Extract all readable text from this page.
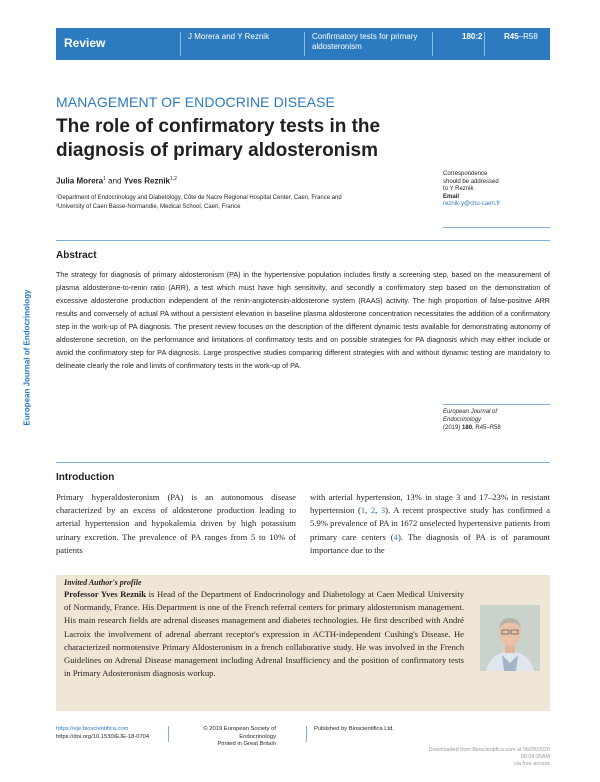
Review	J Morera and Y Reznik	Confirmatory tests for primary
aldosteronism
180:2	R45–R58
European Journal of Endocrinology
MANAGEMENT OF ENDOCRINE DISEASE
The role of confirmatory tests in the
diagnosis of primary aldosteronism
Julia Morera$^1$ and Yves Reznik$^{1,2}$
¹Department of Endocrinology and Diabetology, Côte de Nacre Regional Hospital Center, Caen, France and
²University of Caen Basse-Normandie, Medical School, Caen, France
Correspondence
should be addressed
to Y Reznik
Email
reznik-y@chu-caen.fr
Abstract
The strategy for diagnosis of primary aldosteronism (PA) in the hypertensive population includes firstly a screening step, based on the measurement of plasma aldosterone-to-renin ratio (ARR), a test which must have high sensitivity, and secondly a confirmatory step based on the demonstration of excessive aldosterone production independent of the renin-angiotensin-aldosterone system (RAAS) activity. The high proportion of false-positive ARR results and conversely of actual PA without a persistent elevation in baseline plasma aldosterone concentration necessitates the addition of a confirmatory step in the work-up of PA diagnosis. The present review focuses on the description of the different dynamic tests available for demonstrating autonomy of aldosterone secretion, on the performance and limitations of confirmatory tests and on possible strategies for PA diagnosis which may either include or avoid the confirmatory step for PA diagnosis. Large prospective studies comparing different strategies with and without dynamic testing are mandatory to delineate clearly the role and limits of confirmatory tests in the work-up of PA.
European Journal of
Endocrinology
(2019) 180, R45–R58
Introduction
Primary hyperaldosteronism (PA) is an autonomous disease characterized by an excess of aldosterone production leading to arterial hypertension and hypokalemia driven by high potassium urinary excretion. The prevalence of PA ranges from 5 to 10% of patients
with arterial hypertension, 13% in stage 3 and 17–23% in resistant hypertension (1, 2, 3). A recent prospective study has confirmed a 5.9% prevalence of PA in 1672 unselected hypertensive patients from primary care centers (4). The diagnosis of PA is of paramount importance due to the
Invited Author's profile
Professor Yves Reznik is Head of the Department of Endocrinology and Diabetology at Caen Medical University of Normandy, France. His Department is one of the French referral centers for primary aldosteronism management. His main research fields are adrenal diseases management and diabetes technologies. He first described with André Lacroix the involvement of adrenal aberrant receptor's expression in ACTH-independent Cushing's Disease. He characterized normotensive Primary Aldosteronism in a french collaborative study. He was involved in the French Guidelines on Adrenal Disease management including Adrenal Insufficiency and the position of confirmatory tests in Primary Adosteronism diagnosis workup.
https://eje.bioscientifica.com
https://doi.org/10.1530/EJE-18-0704
© 2019 European Society of Endocrinology
Printed in Great Britain
Published by Bioscientifica Ltd.
Downloaded from Bioscientifica.com at 06/05/2020 05:04:35AM
via free access
